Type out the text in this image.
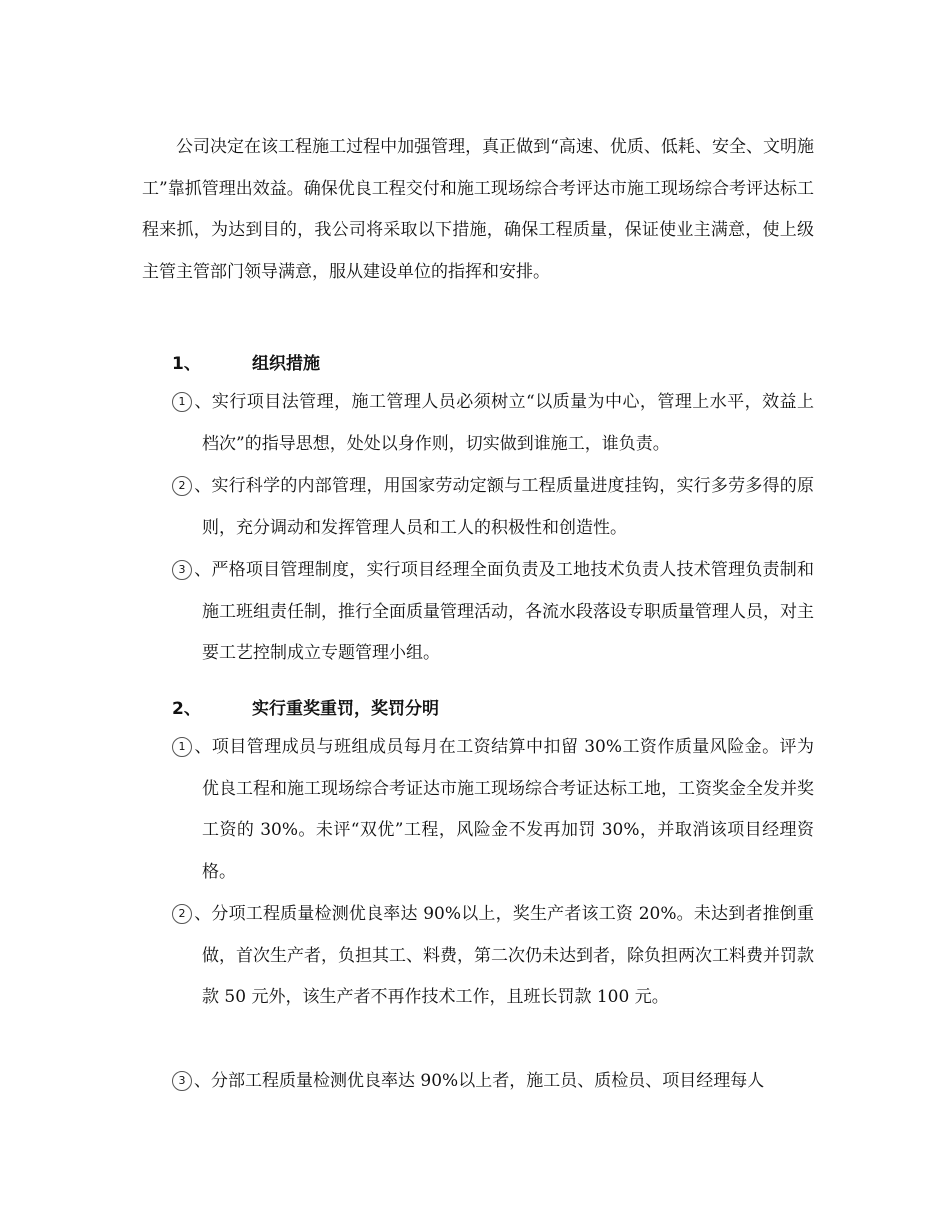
公司决定在该工程施工过程中加强管理，真正做到“高速、优质、低耗、安全、文明施工”靠抓管理出效益。确保优良工程交付和施工现场综合考评达市施工现场综合考评达标工程来抓，为达到目的，我公司将采取以下措施，确保工程质量，保证使业主满意，使上级主管主管部门领导满意，服从建设单位的指挥和安排。

1、	组织措施

1 、实行项目法管理，施工管理人员必须树立“以质量为中心，管理上水平，效益上档次”的指导思想，处处以身作则，切实做到谁施工，谁负责。

2 、实行科学的内部管理，用国家劳动定额与工程质量进度挂钩，实行多劳多得的原则，充分调动和发挥管理人员和工人的积极性和创造性。

3 、严格项目管理制度，实行项目经理全面负责及工地技术负责人技术管理负责制和施工班组责任制，推行全面质量管理活动，各流水段落设专职质量管理人员，对主要工艺控制成立专题管理小组。

2、	实行重奖重罚，奖罚分明

1 、项目管理成员与班组成员每月在工资结算中扣留 30%工资作质量风险金。评为优良工程和施工现场综合考证达市施工现场综合考证达标工地，工资奖金全发并奖工资的 30%。未评“双优”工程，风险金不发再加罚 30%，并取消该项目经理资格。

2 、分项工程质量检测优良率达 90%以上，奖生产者该工资 20%。未达到者推倒重做，首次生产者，负担其工、料费，第二次仍未达到者，除负担两次工料费并罚款款 50 元外，该生产者不再作技术工作，且班长罚款 100 元。

3 、分部工程质量检测优良率达 90%以上者，施工员、质检员、项目经理每人
